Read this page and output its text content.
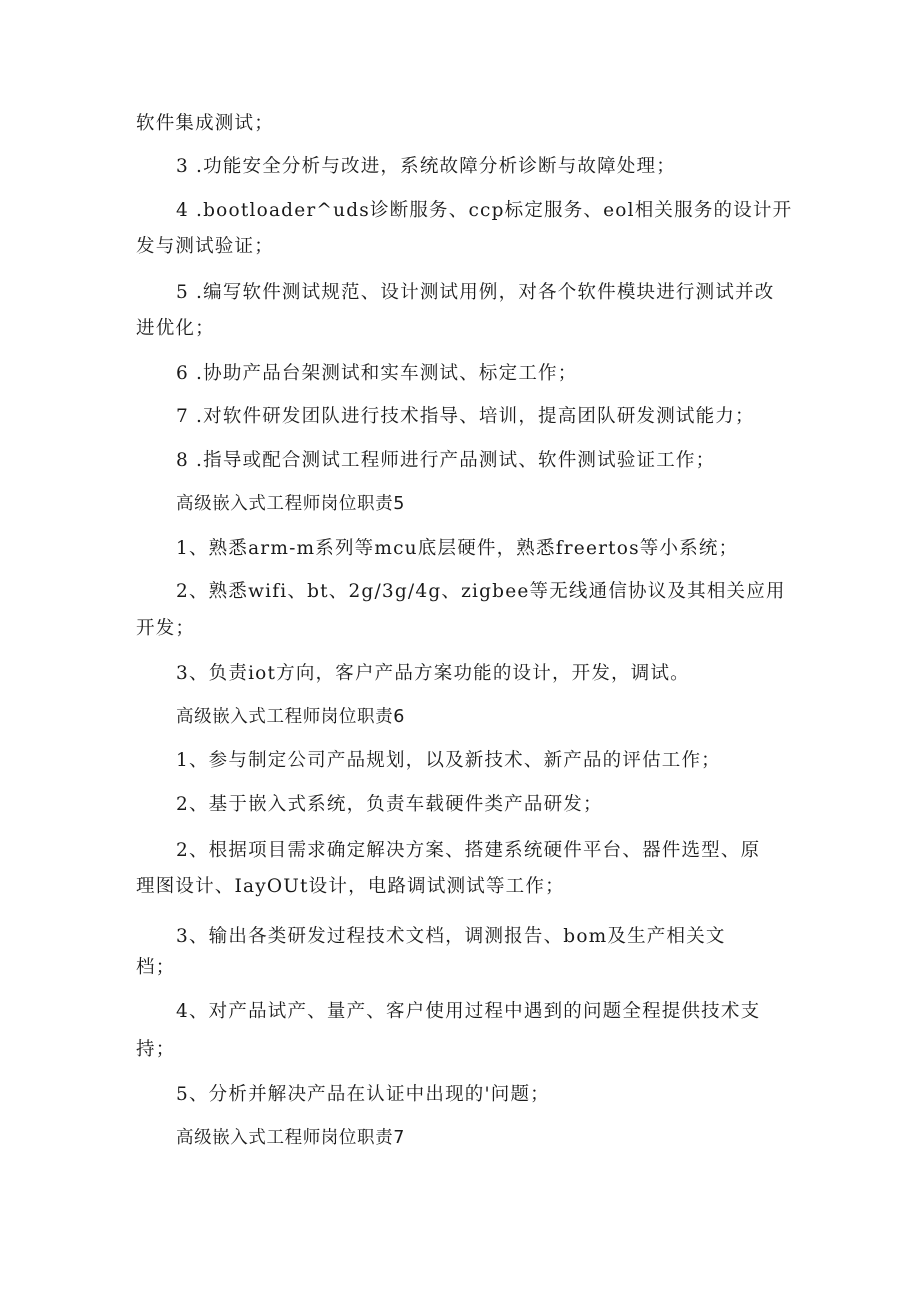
软件集成测试；
3 .功能安全分析与改进，系统故障分析诊断与故障处理；
4 .bootloader^uds诊断服务、ccp标定服务、eol相关服务的设计开
发与测试验证；
5 .编写软件测试规范、设计测试用例，对各个软件模块进行测试并改
进优化；
6 .协助产品台架测试和实车测试、标定工作；
7 .对软件研发团队进行技术指导、培训，提高团队研发测试能力；
8 .指导或配合测试工程师进行产品测试、软件测试验证工作；
高级嵌入式工程师岗位职责5
1、熟悉arm-m系列等mcu底层硬件，熟悉freertos等小系统；
2、熟悉wifi、bt、2g/3g/4g、zigbee等无线通信协议及其相关应用
开发；
3、负责iot方向，客户产品方案功能的设计，开发，调试。
高级嵌入式工程师岗位职责6
1、参与制定公司产品规划，以及新技术、新产品的评估工作；
2、基于嵌入式系统，负责车载硬件类产品研发；
2、根据项目需求确定解决方案、搭建系统硬件平台、器件选型、原
理图设计、IayOUt设计，电路调试测试等工作；
3、输出各类研发过程技术文档，调测报告、bom及生产相关文
档；
4、对产品试产、量产、客户使用过程中遇到的问题全程提供技术支
持；
5、分析并解决产品在认证中出现的'问题；
高级嵌入式工程师岗位职责7
